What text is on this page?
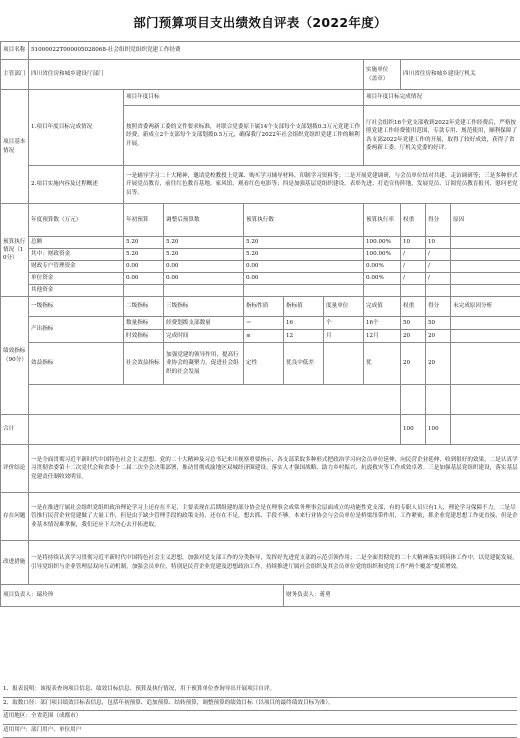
部门预算项目支出绩效自评表（2022年度）
项目名称	51000022T000005028068-社会组织党组织党建工作经费									
主管部门	四川省住房和城乡建设厅部门						实施单位（盖章）	四川省住房和城乡建设厅机关		
项目基本情况	1.项目年度目标完成情况	项目年度目标					项目年度目标完成情况			
		按照省委两新工委的文件要求标准，对联合党委原下属14个支部每个支部划拨0.3万元党建工作经费，新成立2个支部每个支部划拨0.5万元，确保我厅2022年社会组织党组织党建工作的顺利开展。					厅社会组织16个党支部收到2022年党建工作经费后，严格按照党建工作经费使用范围，专款专用、规范使用，顺利保障了各支部2022年党建工作的开展，取得了较好成效，获得了省委两新工委、厅机关党委的好评。			
	2.项目实施内容及过程概述	一是辅导学习二十大精神，邀请党校教授上党课、购买学习辅导材料、印制学习资料等；二是开展党建调研，与会员单位结对共建、走访调研等；三是多种形式开展党员教育，前往红色教育基地、家风馆，观看红色电影等；四是加强基层党组织建设，表彰先进、打造宣传阵地、发展党员、订阅党员教育报刊、慰问老党员等。								
预算执行情况（10分）	年度预算数（万元）	年初预算	调整后预算数	预算执行数			预算执行率	权重	得分	原因
	总额	5.20	5.20	5.20			100.00%	10	10	
	其中：财政资金	5.20	5.20	5.20			100.00%	/	/	
	财政专户管理资金	0.00	0.00	0.00			0.00%	/	/	
	单位资金	0.00	0.00	0.00			0.00%	/	/	
	其他资金									
绩效指标（90分）	一级指标	二级指标	三级指标	指标性质	指标值	度量单位	完成值	权重	得分	未完成原因分析
	产出指标	数量指标	经费划拨支部数量	＝	16	个	16个	50	50	
		时效指标	完成时间	≤	12	月	12月	20	20	
	效益指标	社会效益指标	加强党建的领导作用，提高行业协会的凝聚力，促进社会组织的社会发展	定性	优良中低差		优	20	20	

合计								100	100	
评价结论	一是全面贯彻习近平新时代中国特色社会主义思想、党的二十大精神及习总书记来川视察重要指示，各支部采取多种形式把政治学习向会员单位延伸，向民营企业延伸，收到很好的效果。二是认真学习贯彻省委第十二次党代会和省委十二届二次全会决策部署，推动贯彻成渝地区双城经济圈建设、落实人才强国战略、助力乡村振兴、抗震救灾等工作成效卓著。三是加强基层党组织建设，落实基层党建责任制收效明显。									
存在问题	一是在推进厅属社会组织党组织政治理论学习上还存在不足，主要表现在后期组建的部分协会是在理事会成常务理事会层面成立的功能性党支部，有的专职人员只有1人，理论学习保障不力。二是尽管推行民营企业党建做了大量工作，但是由于缺少管理手段的政策支持，还存在不足，想去抓、手段不够。本来行业协会与会员单位是桥梁纽带作用，工作紧密，抓企业党建思想工作更直接，但是企业基本情况难掌握，我们还应下大决心去开拓进取。									
改进措施	一是将持续认真学习贯彻习近平新时代中国特色社会主义思想，加强对党支部工作的分类指导，发挥好先进党支部的示范引领作用；二是全面贯彻党的二十大精神落实到具体工作中，以党建促发展，引导党组织与企业管理层双向互动机制，加强会员单位，特别是民营企业党建及思想政治工作，持续推进厅属社会组织及其会员单位党的组织和党的工作“两个覆盖”提质增效。									
项目负责人：瑞玲珍					财务负责人：蒋勇					
1、报表说明：该报表查询项目信息、绩效目标信息、预算及执行情况，用于预算单位查询导出开展项目自评。
2、取数口径：部门项目绩效目标表信息，包括年初预算、追加预算、结转预算，调整预算的绩效目标（以项目的最终绩效目标为准）。
适用地区：全省范围（成都市）
适用用户：部门用户、单位用户
